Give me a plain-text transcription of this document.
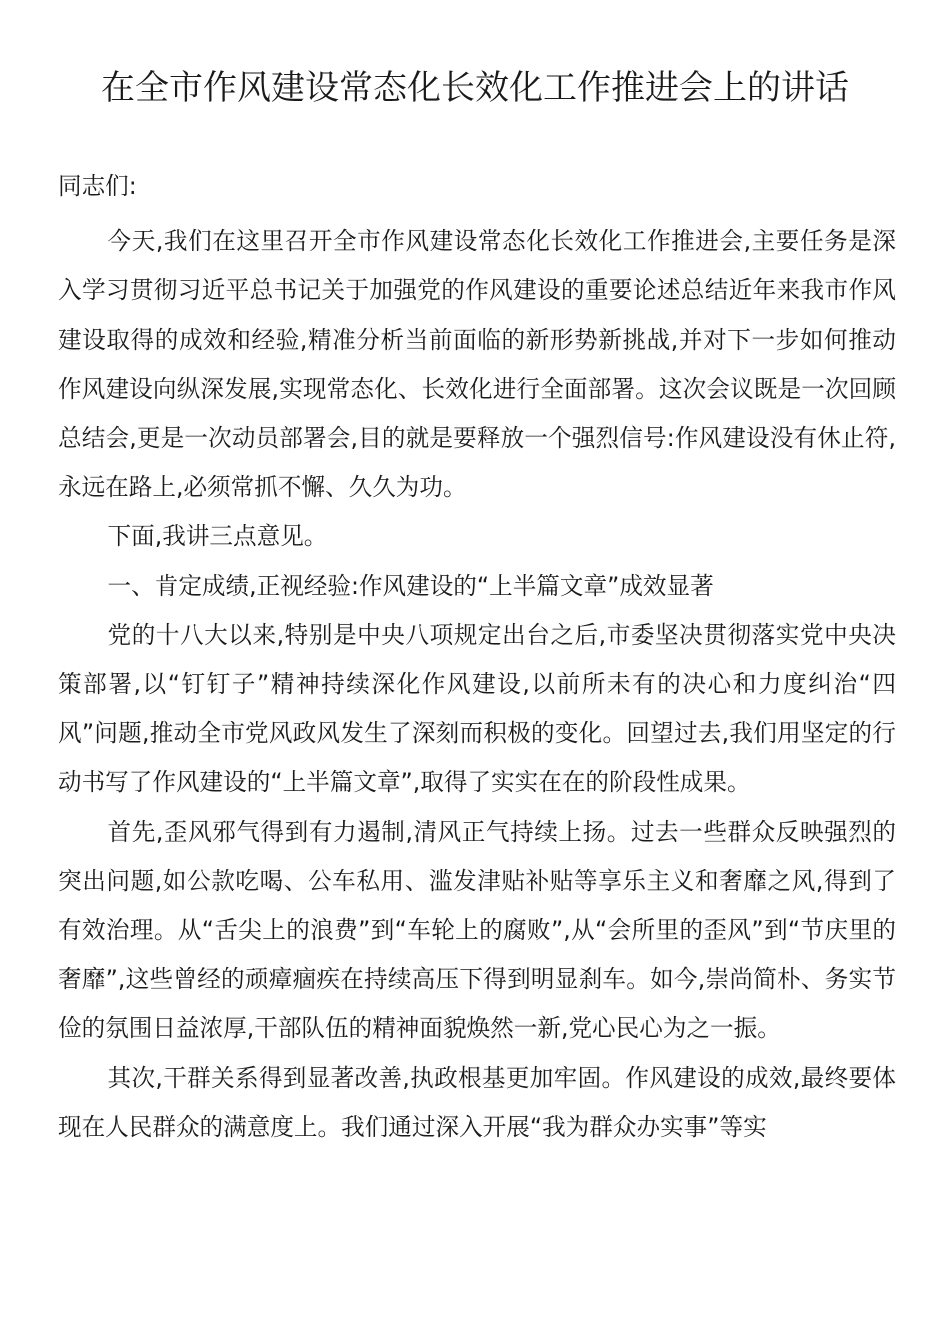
在全市作风建设常态化长效化工作推进会上的讲话

同志们:

今天,我们在这里召开全市作风建设常态化长效化工作推进会,主要任务是深入学习贯彻习近平总书记关于加强党的作风建设的重要论述总结近年来我市作风建设取得的成效和经验,精准分析当前面临的新形势新挑战,并对下一步如何推动作风建设向纵深发展,实现常态化、长效化进行全面部署。这次会议既是一次回顾总结会,更是一次动员部署会,目的就是要释放一个强烈信号:作风建设没有休止符,永远在路上,必须常抓不懈、久久为功。

下面,我讲三点意见。

一、肯定成绩,正视经验:作风建设的“上半篇文章”成效显著

党的十八大以来,特别是中央八项规定出台之后,市委坚决贯彻落实党中央决策部署,以“钉钉子”精神持续深化作风建设,以前所未有的决心和力度纠治“四风”问题,推动全市党风政风发生了深刻而积极的变化。回望过去,我们用坚定的行动书写了作风建设的“上半篇文章”,取得了实实在在的阶段性成果。

首先,歪风邪气得到有力遏制,清风正气持续上扬。过去一些群众反映强烈的突出问题,如公款吃喝、公车私用、滥发津贴补贴等享乐主义和奢靡之风,得到了有效治理。从“舌尖上的浪费”到“车轮上的腐败”,从“会所里的歪风”到“节庆里的奢靡”,这些曾经的顽瘴痼疾在持续高压下得到明显刹车。如今,崇尚简朴、务实节俭的氛围日益浓厚,干部队伍的精神面貌焕然一新,党心民心为之一振。

其次,干群关系得到显著改善,执政根基更加牢固。作风建设的成效,最终要体现在人民群众的满意度上。我们通过深入开展“我为群众办实事”等实
